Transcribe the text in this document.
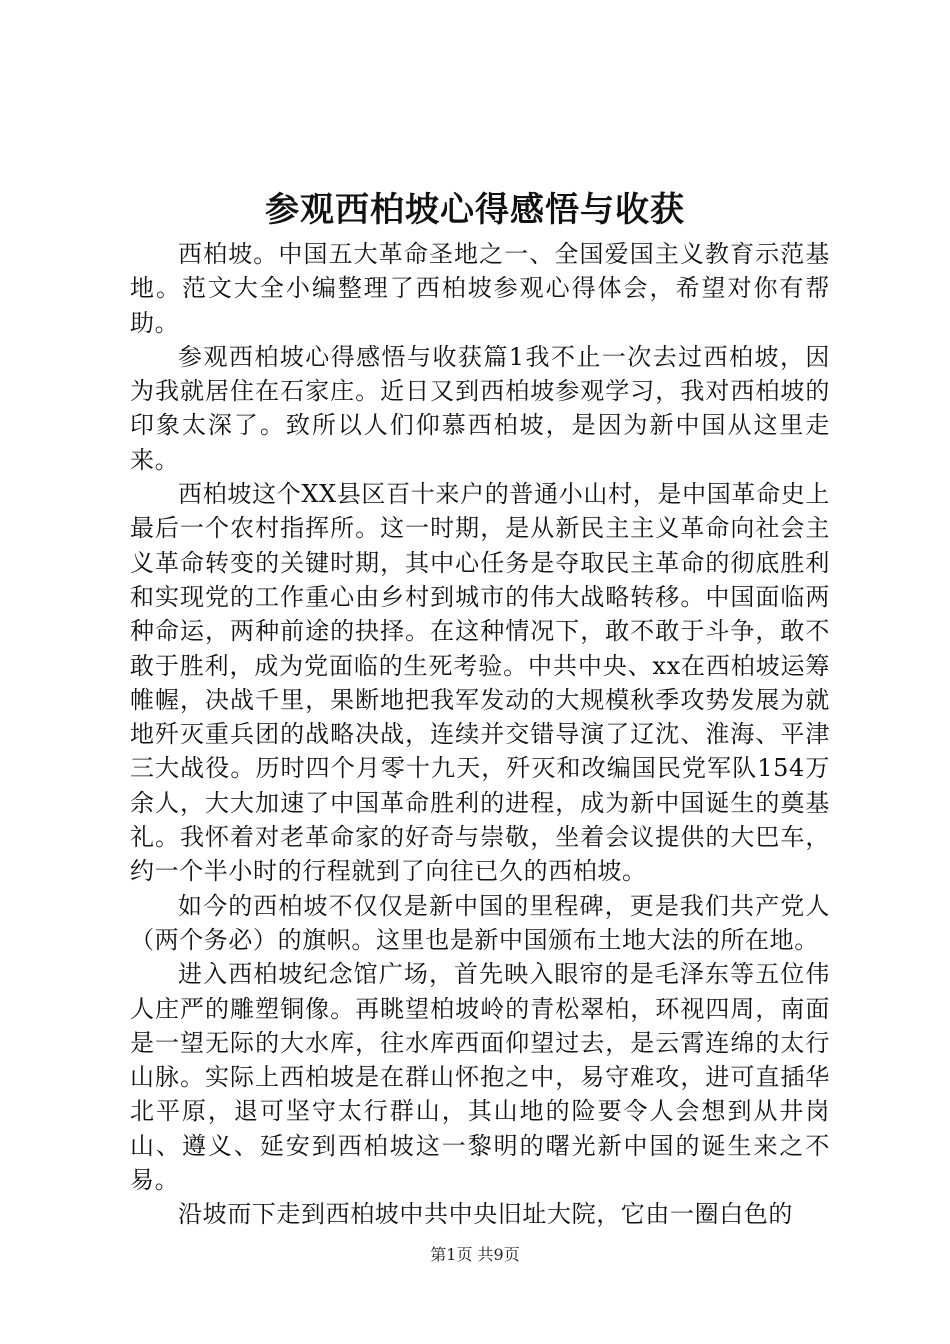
参观西柏坡心得感悟与收获

西柏坡。中国五大革命圣地之一、全国爱国主义教育示范基地。范文大全小编整理了西柏坡参观心得体会，希望对你有帮助。

参观西柏坡心得感悟与收获篇1我不止一次去过西柏坡，因为我就居住在石家庄。近日又到西柏坡参观学习，我对西柏坡的印象太深了。致所以人们仰慕西柏坡，是因为新中国从这里走来。

西柏坡这个XX县区百十来户的普通小山村，是中国革命史上最后一个农村指挥所。这一时期，是从新民主主义革命向社会主义革命转变的关键时期，其中心任务是夺取民主革命的彻底胜利和实现党的工作重心由乡村到城市的伟大战略转移。中国面临两种命运，两种前途的抉择。在这种情况下，敢不敢于斗争，敢不敢于胜利，成为党面临的生死考验。中共中央、xx在西柏坡运筹帷幄，决战千里，果断地把我军发动的大规模秋季攻势发展为就地歼灭重兵团的战略决战，连续并交错导演了辽沈、淮海、平津三大战役。历时四个月零十九天，歼灭和改编国民党军队154万余人，大大加速了中国革命胜利的进程，成为新中国诞生的奠基礼。我怀着对老革命家的好奇与崇敬，坐着会议提供的大巴车，约一个半小时的行程就到了向往已久的西柏坡。

如今的西柏坡不仅仅是新中国的里程碑，更是我们共产党人（两个务必）的旗帜。这里也是新中国颁布土地大法的所在地。

进入西柏坡纪念馆广场，首先映入眼帘的是毛泽东等五位伟人庄严的雕塑铜像。再眺望柏坡岭的青松翠柏，环视四周，南面是一望无际的大水库，往水库西面仰望过去，是云霄连绵的太行山脉。实际上西柏坡是在群山怀抱之中，易守难攻，进可直插华北平原，退可坚守太行群山，其山地的险要令人会想到从井岗山、遵义、延安到西柏坡这一黎明的曙光新中国的诞生来之不易。

沿坡而下走到西柏坡中共中央旧址大院，它由一圈白色的

第1页 共9页
